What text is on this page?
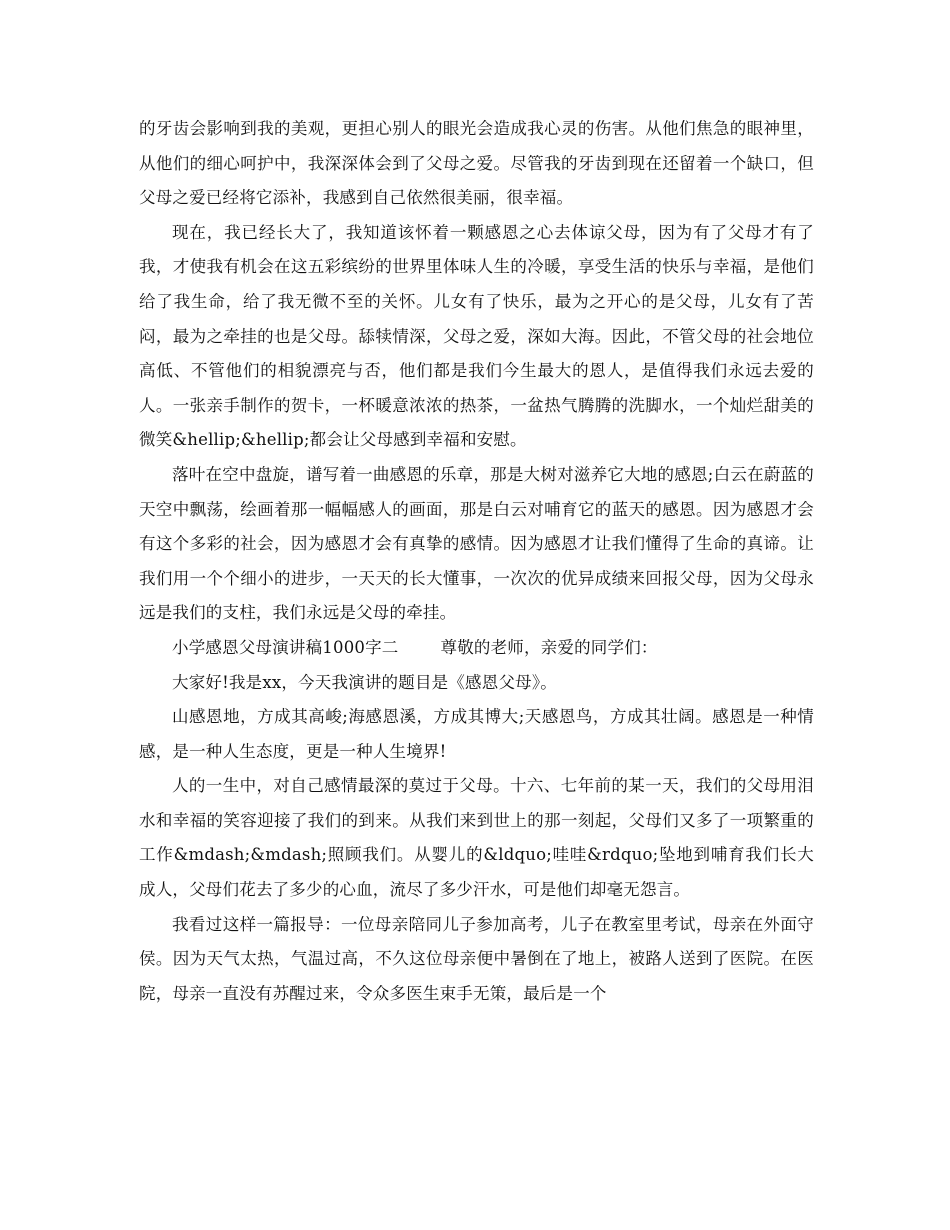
的牙齿会影响到我的美观，更担心别人的眼光会造成我心灵的伤害。从他们焦急的眼神里，从他们的细心呵护中，我深深体会到了父母之爱。尽管我的牙齿到现在还留着一个缺口，但父母之爱已经将它添补，我感到自己依然很美丽，很幸福。

现在，我已经长大了，我知道该怀着一颗感恩之心去体谅父母，因为有了父母才有了我，才使我有机会在这五彩缤纷的世界里体味人生的冷暖，享受生活的快乐与幸福，是他们给了我生命，给了我无微不至的关怀。儿女有了快乐，最为之开心的是父母，儿女有了苦闷，最为之牵挂的也是父母。舔犊情深，父母之爱，深如大海。因此，不管父母的社会地位高低、不管他们的相貌漂亮与否，他们都是我们今生最大的恩人，是值得我们永远去爱的人。一张亲手制作的贺卡，一杯暖意浓浓的热茶，一盆热气腾腾的洗脚水，一个灿烂甜美的微笑&hellip;&hellip;都会让父母感到幸福和安慰。

落叶在空中盘旋，谱写着一曲感恩的乐章，那是大树对滋养它大地的感恩;白云在蔚蓝的天空中飘荡，绘画着那一幅幅感人的画面，那是白云对哺育它的蓝天的感恩。因为感恩才会有这个多彩的社会，因为感恩才会有真挚的感情。因为感恩才让我们懂得了生命的真谛。让我们用一个个细小的进步，一天天的长大懂事，一次次的优异成绩来回报父母，因为父母永远是我们的支柱，我们永远是父母的牵挂。

小学感恩父母演讲稿1000字二	尊敬的老师，亲爱的同学们：

大家好!我是xx，今天我演讲的题目是《感恩父母》。

山感恩地，方成其高峻;海感恩溪，方成其博大;天感恩鸟，方成其壮阔。感恩是一种情感，是一种人生态度，更是一种人生境界!

人的一生中，对自己感情最深的莫过于父母。十六、七年前的某一天，我们的父母用泪水和幸福的笑容迎接了我们的到来。从我们来到世上的那一刻起，父母们又多了一项繁重的工作&mdash;&mdash;照顾我们。从婴儿的&ldquo;哇哇&rdquo;坠地到哺育我们长大成人，父母们花去了多少的心血，流尽了多少汗水，可是他们却毫无怨言。

我看过这样一篇报导：一位母亲陪同儿子参加高考，儿子在教室里考试，母亲在外面守侯。因为天气太热，气温过高，不久这位母亲便中暑倒在了地上，被路人送到了医院。在医院，母亲一直没有苏醒过来，令众多医生束手无策，最后是一个
